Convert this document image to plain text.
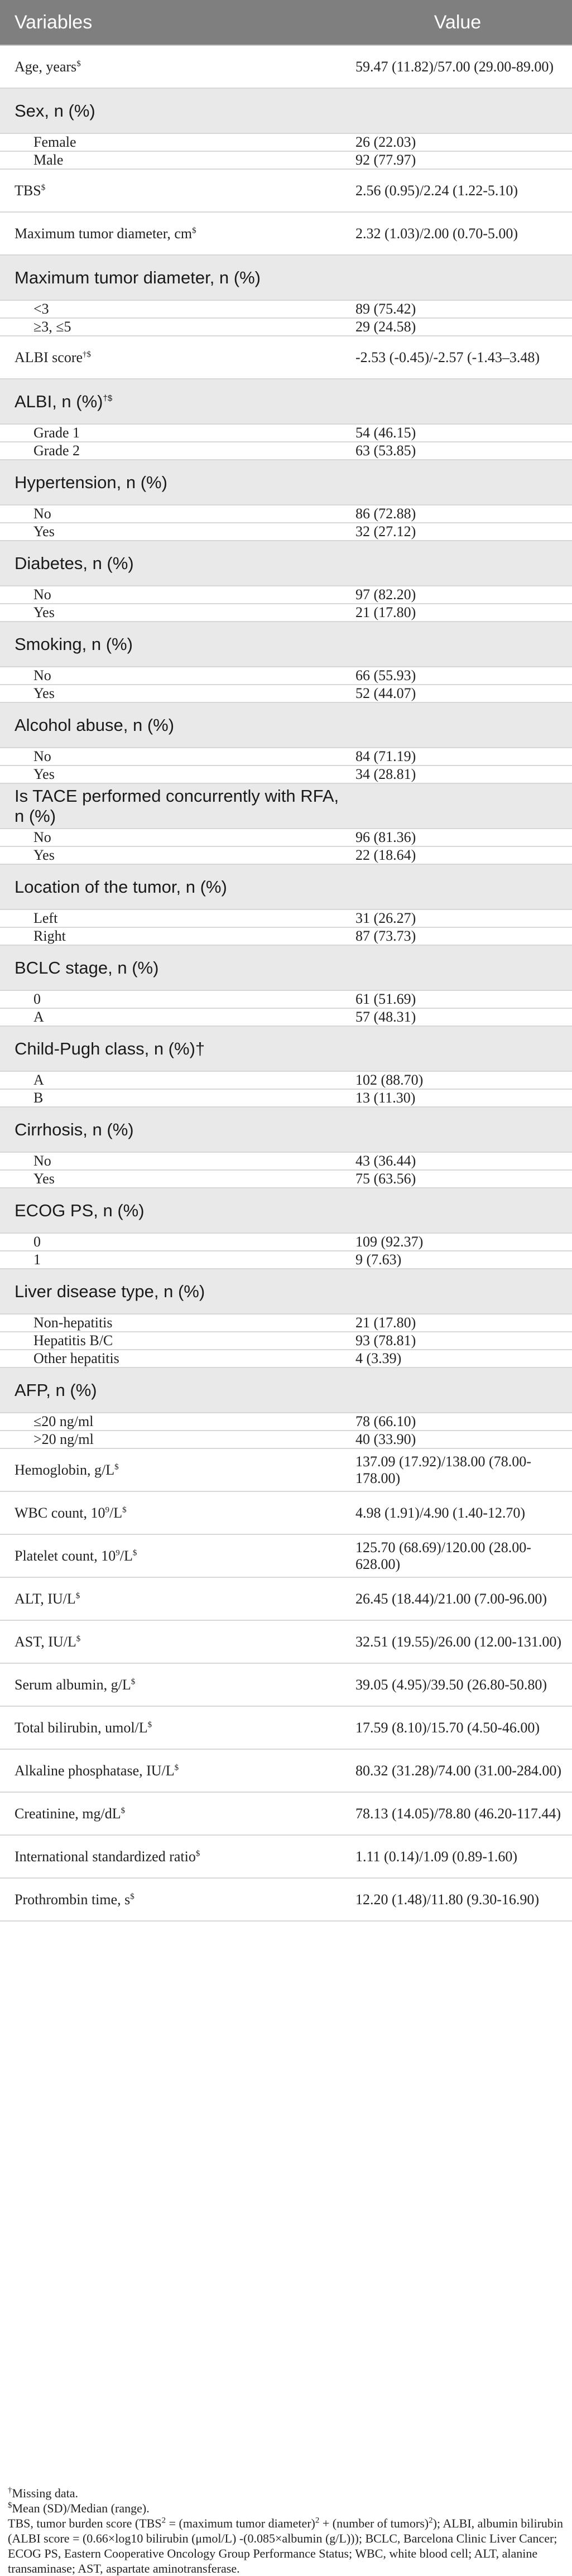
Variables	Value
Age, years$	59.47 (11.82)/57.00 (29.00-89.00)
Sex, n (%)	
Female	26 (22.03)
Male	92 (77.97)
TBS$	2.56 (0.95)/2.24 (1.22-5.10)
Maximum tumor diameter, cm$	2.32 (1.03)/2.00 (0.70-5.00)
Maximum tumor diameter, n (%)	
<3	89 (75.42)
≥3, ≤5	29 (24.58)
ALBI score†$	-2.53 (-0.45)/-2.57 (-1.43–3.48)
ALBI, n (%)†$	
Grade 1	54 (46.15)
Grade 2	63 (53.85)
Hypertension, n (%)	
No	86 (72.88)
Yes	32 (27.12)
Diabetes, n (%)	
No	97 (82.20)
Yes	21 (17.80)
Smoking, n (%)	
No	66 (55.93)
Yes	52 (44.07)
Alcohol abuse, n (%)	
No	84 (71.19)
Yes	34 (28.81)
Is TACE performed concurrently with RFA, n (%)	
No	96 (81.36)
Yes	22 (18.64)
Location of the tumor, n (%)	
Left	31 (26.27)
Right	87 (73.73)
BCLC stage, n (%)	
0	61 (51.69)
A	57 (48.31)
Child-Pugh class, n (%)†	
A	102 (88.70)
B	13 (11.30)
Cirrhosis, n (%)	
No	43 (36.44)
Yes	75 (63.56)
ECOG PS, n (%)	
0	109 (92.37)
1	9 (7.63)
Liver disease type, n (%)	
Non-hepatitis	21 (17.80)
Hepatitis B/C	93 (78.81)
Other hepatitis	4 (3.39)
AFP, n (%)	
≤20 ng/ml	78 (66.10)
>20 ng/ml	40 (33.90)
Hemoglobin, g/L$	137.09 (17.92)/138.00 (78.00-178.00)
WBC count, $10^9/L^{\$}$	4.98 (1.91)/4.90 (1.40-12.70)
Platelet count, $10^9/L^{\$}$	125.70 (68.69)/120.00 (28.00-628.00)
ALT, IU/L$	26.45 (18.44)/21.00 (7.00-96.00)
AST, IU/L$	32.51 (19.55)/26.00 (12.00-131.00)
Serum albumin, g/L$	39.05 (4.95)/39.50 (26.80-50.80)
Total bilirubin, umol/L$	17.59 (8.10)/15.70 (4.50-46.00)
Alkaline phosphatase, IU/L$	80.32 (31.28)/74.00 (31.00-284.00)
Creatinine, mg/dL$	78.13 (14.05)/78.80 (46.20-117.44)
International standardized ratio$	1.11 (0.14)/1.09 (0.89-1.60)
Prothrombin time, s$	12.20 (1.48)/11.80 (9.30-16.90)

†Missing data.

$Mean (SD)/Median (range).

TBS, tumor burden score ($TBS^2$ = (maximum tumor diameter)$^2$ + (number of tumors)$^2$); ALBI, albumin bilirubin (ALBI score = (0.66×log10 bilirubin (μmol/L) -(0.085×albumin (g/L))); BCLC, Barcelona Clinic Liver Cancer; ECOG PS, Eastern Cooperative Oncology Group Performance Status; WBC, white blood cell; ALT, alanine transaminase; AST, aspartate aminotransferase.
